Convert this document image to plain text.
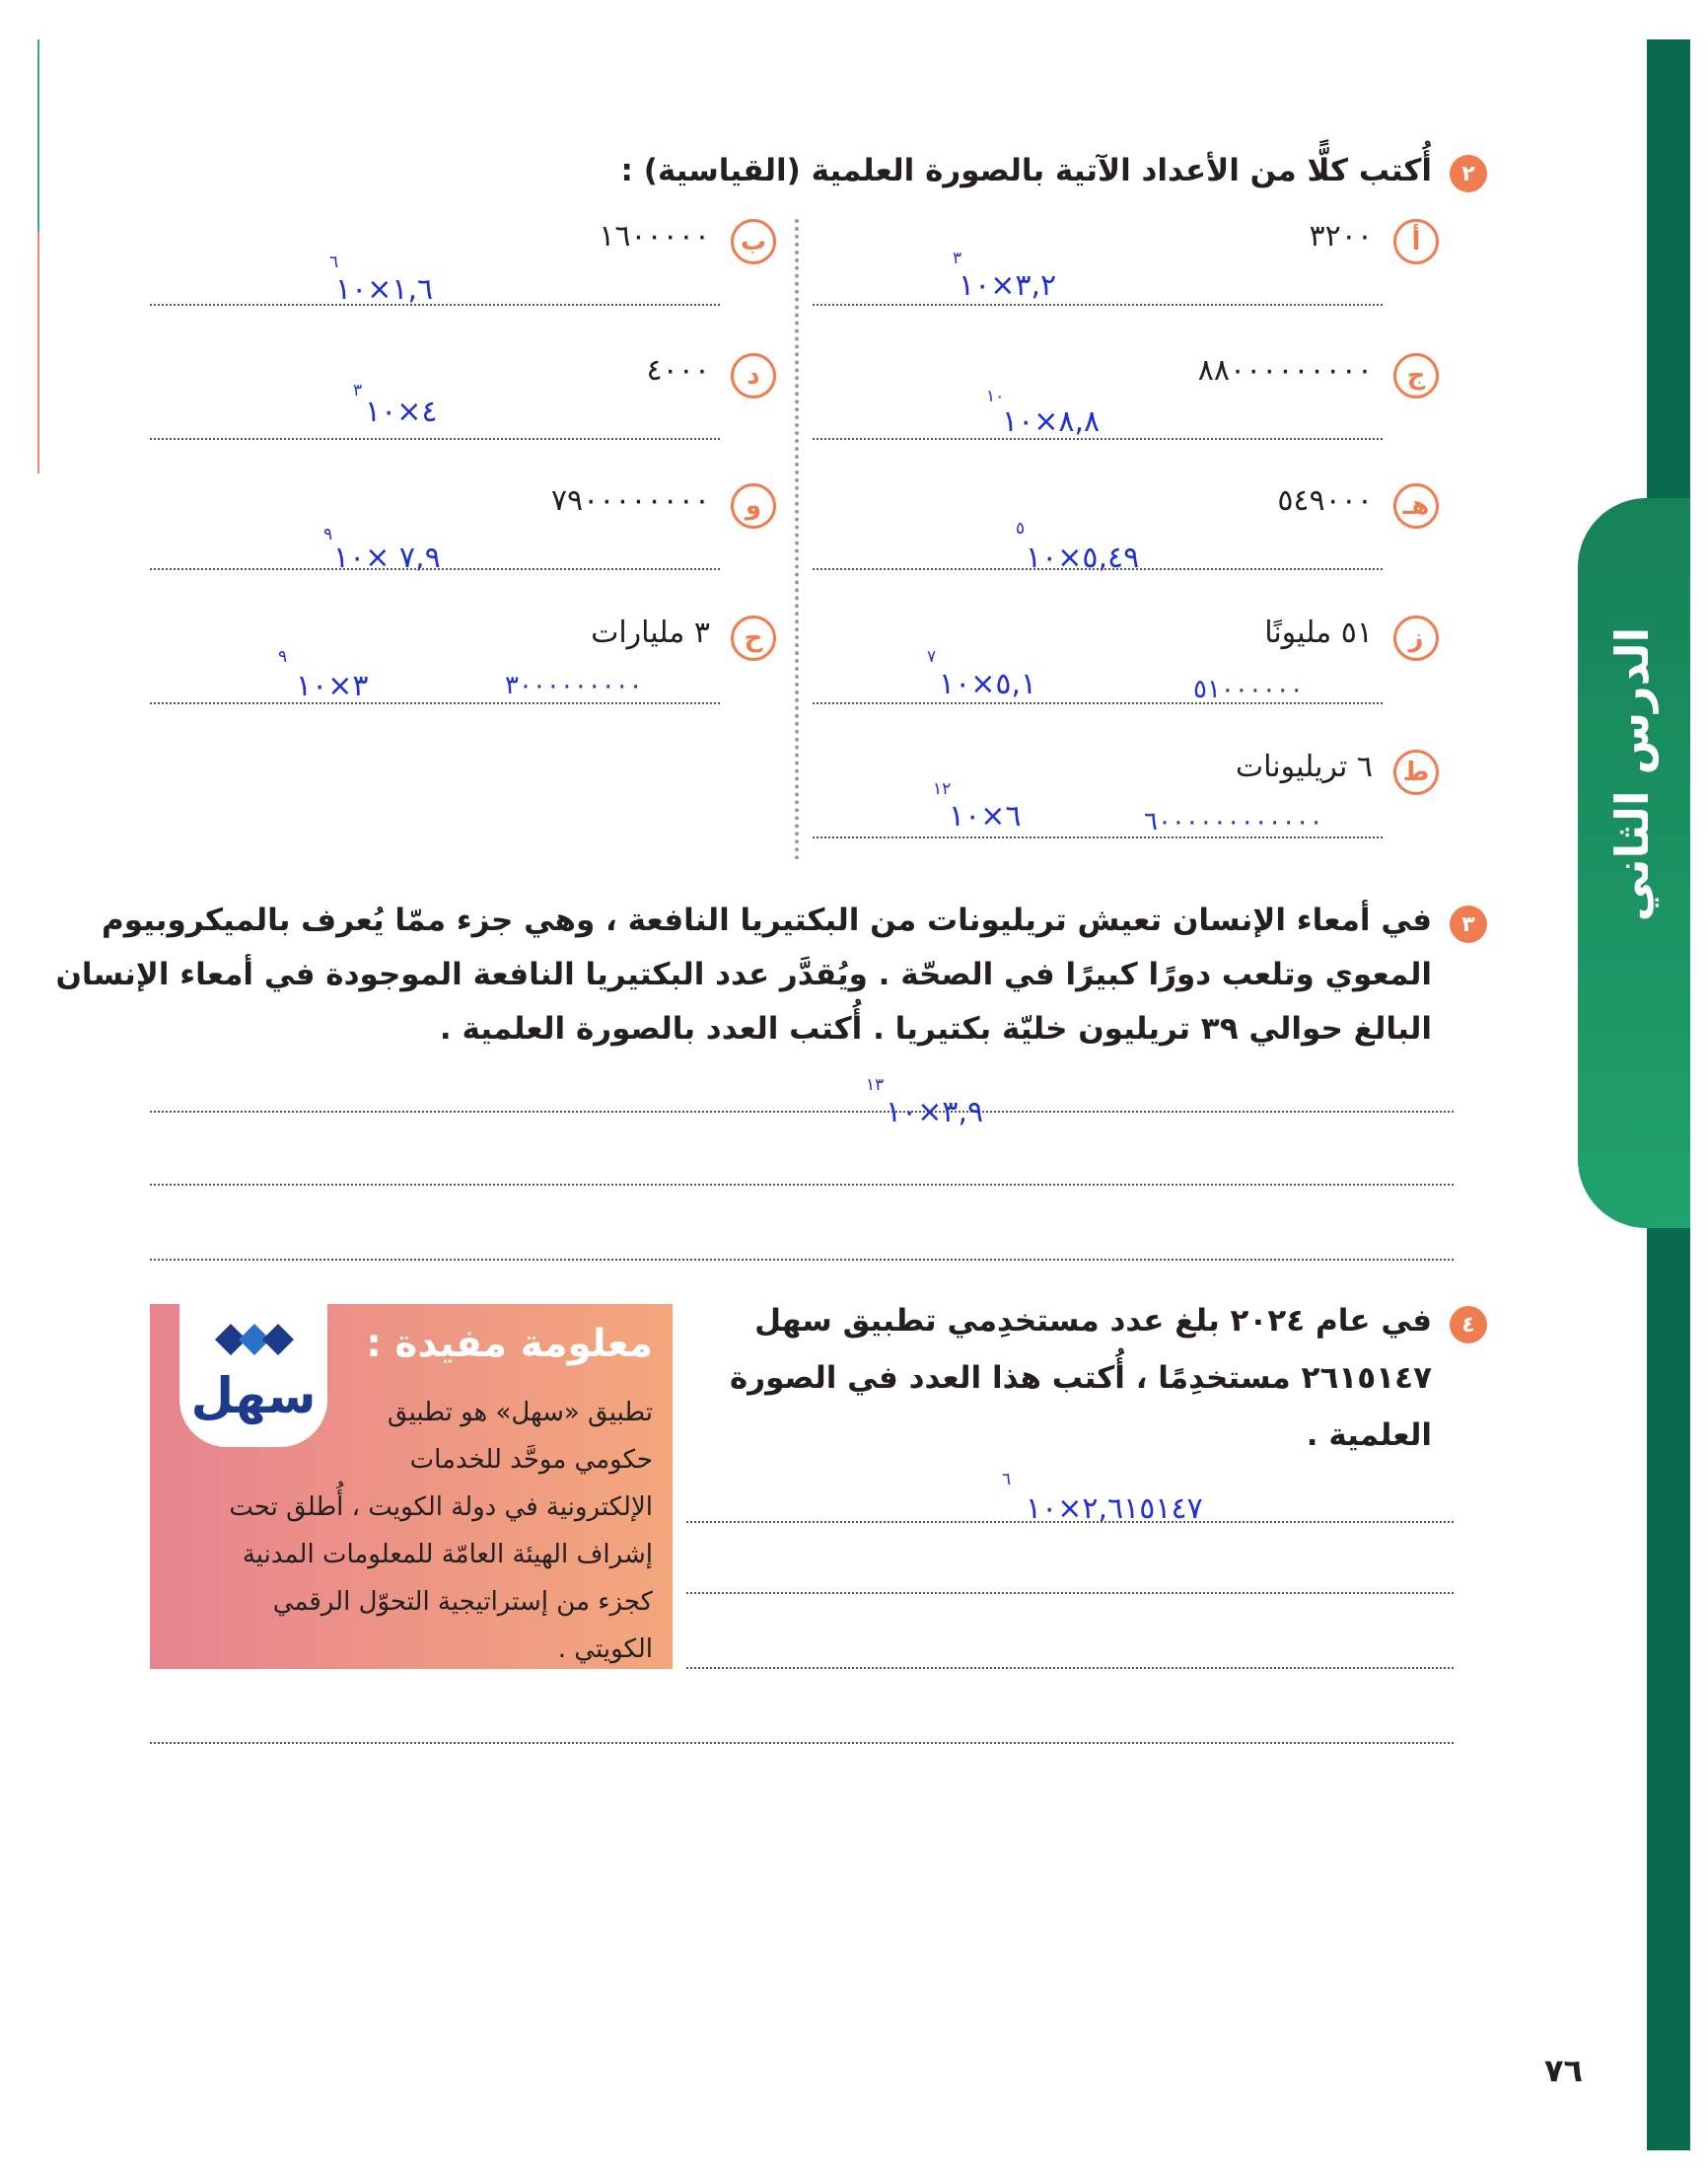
الدرس الثاني
٢
أُكتب كلًّا من الأعداد الآتية بالصورة العلمية (القياسية) :
أ
٣٢٠٠
٣,٢×١٠
٣
ب
١٦٠٠٠٠٠
١,٦×١٠
٦
ج
٨٨٠٠٠٠٠٠٠٠٠
٨,٨×١٠
١٠
د
٤٠٠٠
٤×١٠
٣
هـ
٥٤٩٠٠٠
٥,٤٩×١٠
٥
و
٧٩٠٠٠٠٠٠٠٠
٧,٩ ×١٠
٩
ز
٥١ مليونًا
٥,١×١٠
٧
٥١٠٠٠٠٠٠
ح
٣ مليارات
٣×١٠
٩
٣٠٠٠٠٠٠٠٠٠
ط
٦ تريليونات
٦×١٠
١٢
٦٠٠٠٠٠٠٠٠٠٠٠٠
٣
في أمعاء الإنسان تعيش تريليونات من البكتيريا النافعة ، وهي جزء ممّا يُعرف بالميكروبيوم
المعوي وتلعب دورًا كبيرًا في الصحّة . ويُقدَّر عدد البكتيريا النافعة الموجودة في أمعاء الإنسان
البالغ حوالي ٣٩ تريليون خليّة بكتيريا . أُكتب العدد بالصورة العلمية .
٣,٩×١٠
١٣
٤
في عام ٢٠٢٤ بلغ عدد مستخدِمي تطبيق سهل
٢٦١٥١٤٧ مستخدِمًا ، أُكتب هذا العدد في الصورة
العلمية .
٢,٦١٥١٤٧×١٠
٦
معلومة مفيدة :
سهل	تطبيق «سهل» هو تطبيق
حكومي موحَّد للخدمات
الإلكترونية في دولة الكويت ، أُطلق تحت
إشراف الهيئة العامّة للمعلومات المدنية
كجزء من إستراتيجية التحوّل الرقمي
الكويتي .
٧٦
